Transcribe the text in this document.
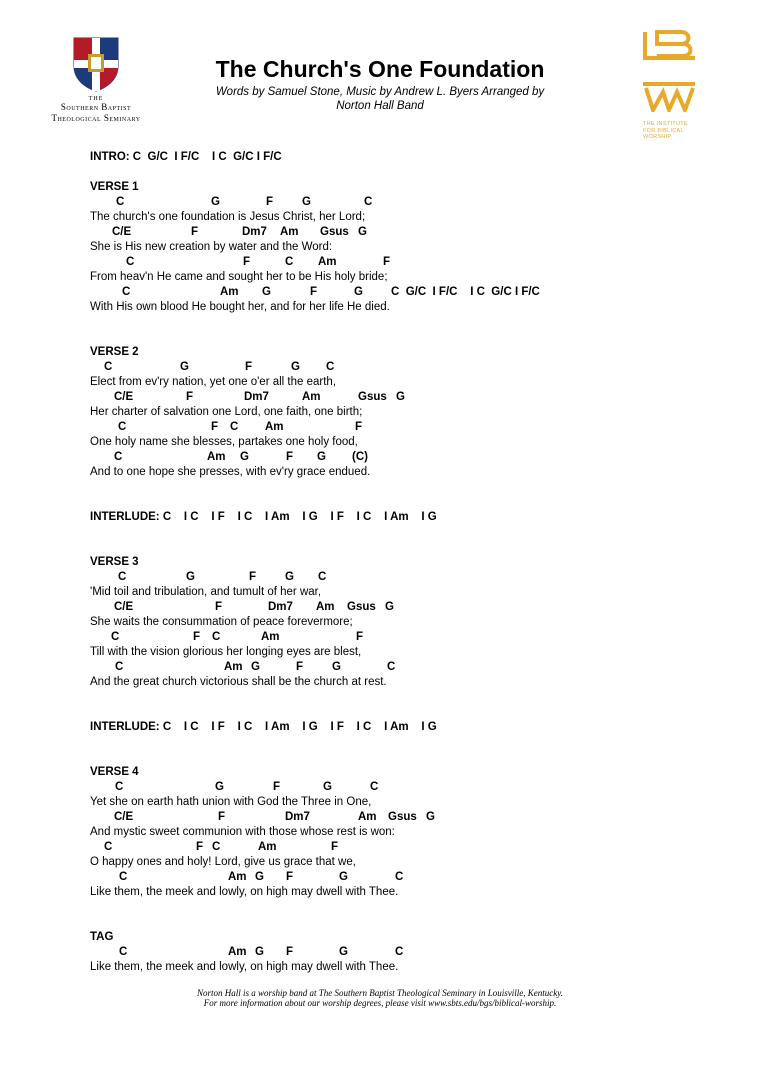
THE
Southern Baptist
Theological Seminary
The Church's One Foundation
Words by Samuel Stone, Music by Andrew L. Byers Arranged by
Norton Hall Band
THE INSTITUTE
FOR BIBLICAL
WORSHIP
INTRO: C  G/C  I F/C    I C  G/C I F/C
VERSE 1

C

	G

	F

	G

	C

The church's one foundation is Jesus Christ, her Lord;

C/E

	F

	Dm7

Am

Gsus

G

She is His new creation by water and the Word:

C

	F

	C

Am

	F

From heav'n He came and sought her to be His holy bride;

C

	Am

G

	F

	G

C  G/C  I F/C    I C  G/C I F/C

With His own blood He bought her, and for her life He died.
VERSE 2

C

	G

	F

	G

C

Elect from ev'ry nation, yet one o'er all the earth,

C/E

	F

	Dm7

	Am

	Gsus

G

Her charter of salvation one Lord, one faith, one birth;

C

	F

C

Am

	F

One holy name she blesses, partakes one holy food,

C

	Am

G

	F

G

(C)

And to one hope she presses, with ev'ry grace endued.
INTERLUDE: C    I C    I F    I C    I Am    I G    I F    I C    I Am    I G
VERSE 3

C

	G

	F

	G

C

'Mid toil and tribulation, and tumult of her war,

C/E

	F

	Dm7

Am

Gsus

G

She waits the consummation of peace forevermore;

C

	F

C

	Am

	F

Till with the vision glorious her longing eyes are blest,

C

	Am

G

	F

	G

	C

And the great church victorious shall be the church at rest.
INTERLUDE: C    I C    I F    I C    I Am    I G    I F    I C    I Am    I G
VERSE 4

C

	G

	F

	G

	C

Yet she on earth hath union with God the Three in One,

C/E

	F

	Dm7

	Am

Gsus

G

And mystic sweet communion with those whose rest is won:

C

	F

C

	Am

	F

O happy ones and holy! Lord, give us grace that we,

C

	Am

G

F

	G

	C

Like them, the meek and lowly, on high may dwell with Thee.
TAG

C

	Am

G

F

	G

	C

Like them, the meek and lowly, on high may dwell with Thee.
Norton Hall is a worship band at The Southern Baptist Theological Seminary in Louisville, Kentucky.
For more information about our worship degrees, please visit www.sbts.edu/bgs/biblical-worship.
